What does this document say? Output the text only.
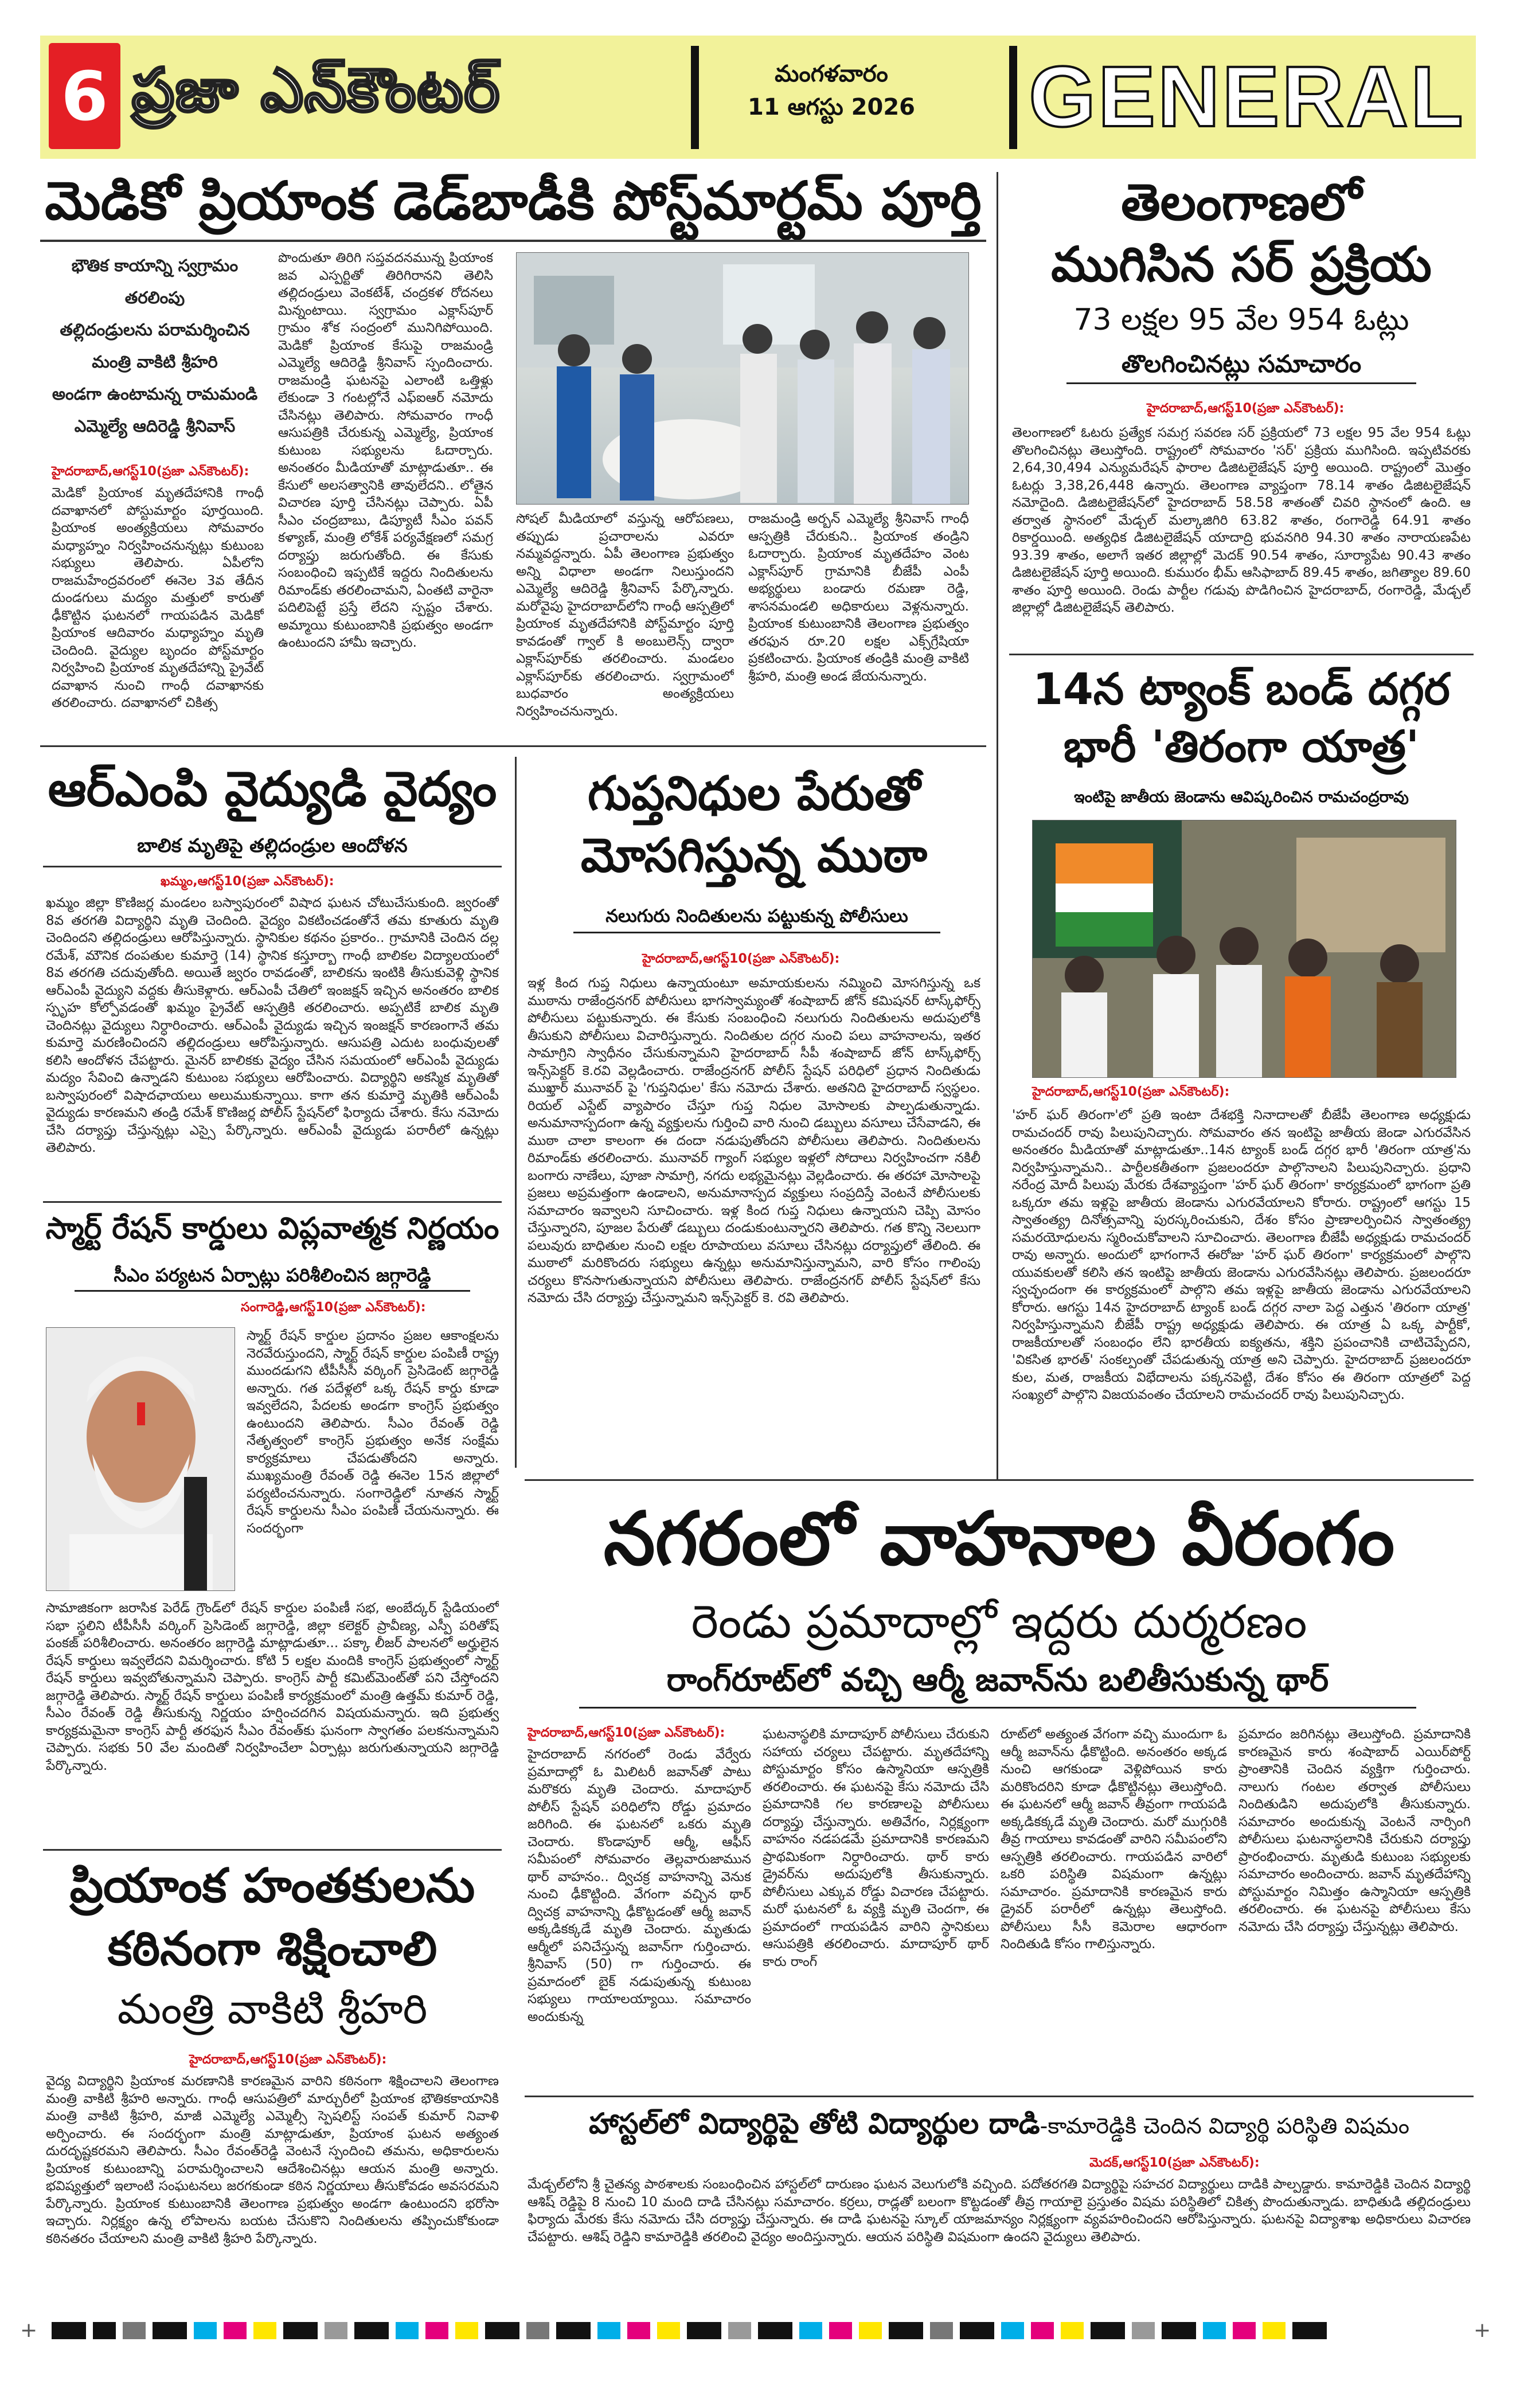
6 ప్రజా ఎన్‌కౌంటర్	మంగళవారం
11 ఆగస్టు 2026 GENERAL
మెడికో ప్రియాంక డెడ్‌బాడీకి పోస్ట్‌మార్టమ్ పూర్తి
భౌతిక కాయాన్ని స్వగ్రామం తరలింపు
తల్లిదండ్రులను పరామర్శించిన
మంత్రి వాకిటి శ్రీహరి
అండగా ఉంటామన్న రామమండి
ఎమ్మెల్యే ఆదిరెడ్డి శ్రీనివాస్
హైదరాబాద్,ఆగస్ట్10(ప్రజా ఎన్‌కౌంటర్):
మెడికో ప్రియాంక మృతదేహానికి గాంధీ దవాఖానలో పోస్టుమార్టం పూర్తయింది. ప్రియాంక అంత్యక్రియలు సోమవారం మధ్యాహ్నం నిర్వహించనున్నట్లు కుటుంబ సభ్యులు తెలిపారు. ఏపీలోని రాజమహేంద్రవరంలో ఈనెల 3వ తేదీన దుండగులు మద్యం మత్తులో కారుతో ఢీకొట్టిన ఘటనలో గాయపడిన మెడికో ప్రియాంక ఆదివారం మధ్యాహ్నం మృతి చెందింది. వైద్యుల బృందం పోస్ట్‌మార్టం నిర్వహించి ప్రియాంక మృతదేహాన్ని ప్రైవేట్ దవాఖాన నుంచి గాంధీ దవాఖానకు తరలించారు. దవాఖానలో చికిత్స
పొందుతూ తిరిగి సప్తవదనమున్న ప్రియాంక జవ ఎస్పర్టితో తిరిగిరానని తెలిసి తల్లిదండ్రులు వెంకటేశ్, చంద్రకళ రోదనలు మిన్నంటాయి. స్వగ్రామం ఎక్లాస్‌పూర్ గ్రామం శోక సంద్రంలో మునిగిపోయింది. మెడికో ప్రియాంక కేసుపై రాజమండ్రి ఎమ్మెల్యే ఆదిరెడ్డి శ్రీనివాస్ స్పందించారు. రాజమండ్రి ఘటనపై ఎలాంటి ఒత్తిళ్లు లేకుండా 3 గంటల్లోనే ఎఫ్ఐఆర్ నమోదు చేసినట్లు తెలిపారు. సోమవారం గాంధీ ఆసుపత్రికి చేరుకున్న ఎమ్మెల్యే, ప్రియాంక కుటుంబ సభ్యులను ఓదార్చారు. అనంతరం మీడియాతో మాట్లాడుతూ.. ఈ కేసులో అలసత్వానికి తావులేదని.. లోతైన విచారణ పూర్తి చేసినట్లు చెప్పారు. ఏపీ సీఎం చంద్రబాబు, డిప్యూటీ సీఎం పవన్ కళ్యాణ్, మంత్రి లోకేశ్ పర్యవేక్షణలో సమగ్ర దర్యాప్తు జరుగుతోంది. ఈ కేసుకు సంబంధించి ఇప్పటికే ఇద్దరు నిందితులను రిమాండ్‌కు తరలించామని, ఏంతటి వారైనా పదిలిపెట్టే ప్రస్తే లేదని స్పష్టం చేశారు. అమ్మాయి కుటుంబానికి ప్రభుత్వం అండగా ఉంటుందని హామీ ఇచ్చారు.
సోషల్ మీడియాలో వస్తున్న ఆరోపణలు, తప్పుడు ప్రచారాలను ఎవరూ నమ్మవద్దన్నారు. ఏపీ తెలంగాణ ప్రభుత్వం అన్ని విధాలా అండగా నిలుస్తుందని ఎమ్మెల్యే ఆదిరెడ్డి శ్రీనివాస్ పేర్కొన్నారు. మరోవైపు హైదరాబాద్‌లోని గాంధీ ఆస్పత్రిలో ప్రియాంక మృతదేహానికి పోస్ట్‌మార్టం పూర్తి కావడంతో గ్వాల్ కి అంబులెన్స్ ద్వారా ఎక్లాస్‌పూర్‌కు తరలించారు. మండలం ఎక్లాస్‌పూర్‌కు తరలించారు. స్వగ్రామంలో బుధవారం అంత్యక్రియలు నిర్వహించనున్నారు.
రాజమండ్రి అర్బన్ ఎమ్మెల్యే శ్రీనివాస్ గాంధీ ఆస్పత్రికి చేరుకుని.. ప్రియాంక తండ్రిని ఓదార్చారు. ప్రియాంక మృతదేహం వెంట ఎక్లాస్‌పూర్ గ్రామానికి బీజేపీ ఎంపీ అభ్యర్థులు బండారు రమణా రెడ్డి, శాసనమండలి అధికారులు వెళ్లనున్నారు. ప్రియాంక కుటుంబానికి తెలంగాణ ప్రభుత్వం తరఫున రూ.20 లక్షల ఎక్స్‌గ్రేషియా ప్రకటించారు. ప్రియాంక తండ్రికి మంత్రి వాకిటి శ్రీహరి, మంత్రి అండ జేయనున్నారు.
తెలంగాణలో
ముగిసిన సర్ ప్రక్రియ
73 లక్షల 95 వేల 954 ఓట్లు
తొలగించినట్లు సమాచారం
హైదరాబాద్,ఆగస్ట్10(ప్రజా ఎన్‌కౌంటర్):
తెలంగాణలో ఓటరు ప్రత్యేక సమగ్ర సవరణ సర్ ప్రక్రియలో 73 లక్షల 95 వేల 954 ఓట్లు తొలగించినట్లు తెలుస్తోంది. రాష్ట్రంలో సోమవారం 'సర్' ప్రక్రియ ముగిసింది. ఇప్పటివరకు 2,64,30,494 ఎన్యుమరేషన్ ఫారాల డిజిటలైజేషన్ పూర్తి అయింది. రాష్ట్రంలో మొత్తం ఓటర్లు 3,38,26,448 ఉన్నారు. తెలంగాణ వ్యాప్తంగా 78.14 శాతం డిజిటలైజేషన్ నమోదైంది. డిజిటలైజేషన్‌లో హైదరాబాద్ 58.58 శాతంతో చివరి స్థానంలో ఉంది. ఆ తర్వాత స్థానంలో మేడ్చల్ మల్కాజిగిరి 63.82 శాతం, రంగారెడ్డి 64.91 శాతం రికార్డయింది. అత్యధిక డిజిటలైజేషన్ యాదాద్రి భువనగిరి 94.30 శాతం నారాయణపేట 93.39 శాతం, అలాగే ఇతర జిల్లాల్లో మెదక్ 90.54 శాతం, సూర్యాపేట 90.43 శాతం డిజిటలైజేషన్ పూర్తి అయింది. కుమురం భీమ్ ఆసిఫాబాద్ 89.45 శాతం, జగిత్యాల 89.60 శాతం పూర్తి అయింది. రెండు పార్టీల గడువు పొడిగించిన హైదరాబాద్, రంగారెడ్డి, మేడ్చల్ జిల్లాల్లో డిజిటలైజేషన్ తెలిపారు.
14న ట్యాంక్ బండ్ దగ్గర
భారీ 'తిరంగా యాత్ర'
ఇంటిపై జాతీయ జెండాను ఆవిష్కరించిన రామచంద్రరావు
హైదరాబాద్,ఆగస్ట్10(ప్రజా ఎన్‌కౌంటర్):
'హర్ ఘర్ తిరంగా'లో ప్రతి ఇంటా దేశభక్తి నినాదాలతో బీజేపీ తెలంగాణ అధ్యక్షుడు రామచందర్ రావు పిలుపునిచ్చారు. సోమవారం తన ఇంటిపై జాతీయ జెండా ఎగురవేసిన అనంతరం మీడియాతో మాట్లాడుతూ..14న ట్యాంక్ బండ్ దగ్గర భారీ 'తిరంగా యాత్ర'ను నిర్వహిస్తున్నామని.. పార్టీలకతీతంగా ప్రజలందరూ పాల్గొనాలని పిలుపునిచ్చారు. ప్రధాని నరేంద్ర మోదీ పిలుపు మేరకు దేశవ్యాప్తంగా 'హర్ ఘర్ తిరంగా' కార్యక్రమంలో భాగంగా ప్రతి ఒక్కరూ తమ ఇళ్లపై జాతీయ జెండాను ఎగురవేయాలని కోరారు. రాష్ట్రంలో ఆగస్టు 15 స్వాతంత్య్ర దినోత్సవాన్ని పురస్కరించుకుని, దేశం కోసం ప్రాణాలర్పించిన స్వాతంత్య్ర సమరయోధులను స్మరించుకోవాలని సూచించారు. తెలంగాణ బీజేపీ అధ్యక్షుడు రామచందర్ రావు అన్నారు. అందులో భాగంగానే ఈరోజు 'హర్ ఘర్ తిరంగా' కార్యక్రమంలో పాల్గొని యువకులతో కలిసి తన ఇంటిపై జాతీయ జెండాను ఎగురవేసినట్లు తెలిపారు. ప్రజలందరూ స్వచ్ఛందంగా ఈ కార్యక్రమంలో పాల్గొని తమ ఇళ్లపై జాతీయ జెండాను ఎగురవేయాలని కోరారు. ఆగస్టు 14న హైదరాబాద్ ట్యాంక్ బండ్ దగ్గర నాలా పెద్ద ఎత్తున 'తిరంగా యాత్ర' నిర్వహిస్తున్నామని బీజేపీ రాష్ట్ర అధ్యక్షుడు తెలిపారు. ఈ యాత్ర ఏ ఒక్క పార్టీకో, రాజకీయాలతో సంబంధం లేని భారతీయ ఐక్యతను, శక్తిని ప్రపంచానికి చాటిచెప్పేదని, 'వికసిత భారత్' సంకల్పంతో చేపడుతున్న యాత్ర అని చెప్పారు. హైదరాబాద్ ప్రజలందరూ కుల, మత, రాజకీయ విభేదాలను పక్కనపెట్టి, దేశం కోసం ఈ తిరంగా యాత్రలో పెద్ద సంఖ్యలో పాల్గొని విజయవంతం చేయాలని రామచందర్ రావు పిలుపునిచ్చారు.
ఆర్‌ఎంపి వైద్యుడి వైద్యం
బాలిక మృతిపై తల్లిదండ్రుల ఆందోళన
ఖమ్మం,ఆగస్ట్10(ప్రజా ఎన్‌కౌంటర్):
ఖమ్మం జిల్లా కొణిజర్ల మండలం బస్వాపురంలో విషాద ఘటన చోటుచేసుకుంది. జ్వరంతో 8వ తరగతి విద్యార్థిని మృతి చెందింది. వైద్యం వికటించడంతోనే తమ కూతురు మృతి చెందిందని తల్లిదండ్రులు ఆరోపిస్తున్నారు. స్థానికుల కథనం ప్రకారం.. గ్రామానికి చెందిన దల్ల రమేశ్, మౌనిక దంపతుల కుమార్తె (14) స్థానిక కస్తూర్బా గాంధీ బాలికల విద్యాలయంలో 8వ తరగతి చదువుతోంది. అయితే జ్వరం రావడంతో, బాలికను ఇంటికి తీసుకువెళ్లి స్థానిక ఆర్‌ఎంపీ వైద్యుని వద్దకు తీసుకెళ్లారు. ఆర్‌ఎంపీ చేతిలో ఇంజక్షన్ ఇచ్చిన అనంతరం బాలిక స్పృహ కోల్పోవడంతో ఖమ్మం ప్రైవేట్ ఆస్పత్రికి తరలించారు. అప్పటికే బాలిక మృతి చెందినట్లు వైద్యులు నిర్ధారించారు. ఆర్‌ఎంపీ వైద్యుడు ఇచ్చిన ఇంజక్షన్ కారణంగానే తమ కుమార్తె మరణించిందని తల్లిదండ్రులు ఆరోపిస్తున్నారు. ఆసుపత్రి ఎదుట బంధువులతో కలిసి ఆందోళన చేపట్టారు. మైనర్ బాలికకు వైద్యం చేసిన సమయంలో ఆర్‌ఎంపీ వైద్యుడు మద్యం సేవించి ఉన్నాడని కుటుంబ సభ్యులు ఆరోపించారు. విద్యార్థిని అకస్మిక మృతితో బస్వాపురంలో విషాదఛాయలు అలుముకున్నాయి. కాగా తన కుమార్తె మృతికి ఆర్‌ఎంపీ వైద్యుడు కారణమని తండ్రి రమేశ్ కొణిజర్ల పోలీస్ స్టేషన్‌లో ఫిర్యాదు చేశారు. కేసు నమోదు చేసి దర్యాప్తు చేస్తున్నట్లు ఎస్సై పేర్కొన్నారు. ఆర్‌ఎంపీ వైద్యుడు పరారీలో ఉన్నట్లు తెలిపారు.
గుప్తనిధుల పేరుతో
మోసగిస్తున్న ముఠా
నలుగురు నిందితులను పట్టుకున్న పోలీసులు
హైదరాబాద్,ఆగస్ట్10(ప్రజా ఎన్‌కౌంటర్):
ఇళ్ల కింద గుప్త నిధులు ఉన్నాయంటూ అమాయకులను నమ్మించి మోసగిస్తున్న ఒక ముఠాను రాజేంద్రనగర్ పోలీసులు భాగస్వామ్యంతో శంషాబాద్ జోన్ కమిషనర్ టాస్క్‌ఫోర్స్ పోలీసులు పట్టుకున్నారు. ఈ కేసుకు సంబంధించి నలుగురు నిందితులను అదుపులోకి తీసుకుని పోలీసులు విచారిస్తున్నారు. నిందితుల దగ్గర నుంచి పలు వాహనాలను, ఇతర సామాగ్రిని స్వాధీనం చేసుకున్నామని హైదరాబాద్ సీపీ శంషాబాద్ జోన్ టాస్క్‌ఫోర్స్ ఇన్స్‌పెక్టర్ కె.రవి వెల్లడించారు. రాజేంద్రనగర్ పోలీస్ స్టేషన్ పరిధిలో ప్రధాన నిందితుడు ముఖ్తార్ మునావర్ పై 'గుప్తనిధుల' కేసు నమోదు చేశారు. అతనిది హైదరాబాద్ స్వస్థలం. రియల్ ఎస్టేట్ వ్యాపారం చేస్తూ గుప్త నిధుల మోసాలకు పాల్పడుతున్నాడు. అనుమానాస్పదంగా ఉన్న వ్యక్తులను గుర్తించి వారి నుంచి డబ్బులు వసూలు చేసేవాడని, ఈ ముఠా చాలా కాలంగా ఈ దందా నడుపుతోందని పోలీసులు తెలిపారు. నిందితులను రిమాండ్‌కు తరలించారు. మునావర్ గ్యాంగ్ సభ్యుల ఇళ్లలో సోదాలు నిర్వహించగా నకిలీ బంగారు నాణేలు, పూజా సామాగ్రి, నగదు లభ్యమైనట్లు వెల్లడించారు. ఈ తరహా మోసాలపై ప్రజలు అప్రమత్తంగా ఉండాలని, అనుమానాస్పద వ్యక్తులు సంప్రదిస్తే వెంటనే పోలీసులకు సమాచారం ఇవ్వాలని సూచించారు. ఇళ్ల కింద గుప్త నిధులు ఉన్నాయని చెప్పి మోసం చేస్తున్నారని, పూజల పేరుతో డబ్బులు దండుకుంటున్నారని తెలిపారు. గత కొన్ని నెలలుగా పలువురు బాధితుల నుంచి లక్షల రూపాయలు వసూలు చేసినట్లు దర్యాప్తులో తేలింది. ఈ ముఠాలో మరికొందరు సభ్యులు ఉన్నట్లు అనుమానిస్తున్నామని, వారి కోసం గాలింపు చర్యలు కొనసాగుతున్నాయని పోలీసులు తెలిపారు. రాజేంద్రనగర్ పోలీస్ స్టేషన్‌లో కేసు నమోదు చేసి దర్యాప్తు చేస్తున్నామని ఇన్స్‌పెక్టర్ కె. రవి తెలిపారు.
స్మార్ట్ రేషన్ కార్డులు విప్లవాత్మక నిర్ణయం
సీఎం పర్యటన ఏర్పాట్లు పరిశీలించిన జగ్గారెడ్డి
సంగారెడ్డి,ఆగస్ట్10(ప్రజా ఎన్‌కౌంటర్):
స్మార్ట్ రేషన్ కార్డుల ప్రదానం ప్రజల ఆకాంక్షలను నెరవేరుస్తుందని, స్మార్ట్ రేషన్ కార్డుల పంపిణీ రాష్ట్ర ముందడుగని టీపీసీసీ వర్కింగ్ ప్రెసిడెంట్ జగ్గారెడ్డి అన్నారు. గత పదేళ్లలో ఒక్క రేషన్ కార్డు కూడా ఇవ్వలేదని, పేదలకు అండగా కాంగ్రెస్ ప్రభుత్వం ఉంటుందని తెలిపారు. సీఎం రేవంత్ రెడ్డి నేతృత్వంలో కాంగ్రెస్ ప్రభుత్వం అనేక సంక్షేమ కార్యక్రమాలు చేపడుతోందని అన్నారు. ముఖ్యమంత్రి రేవంత్ రెడ్డి ఈనెల 15న జిల్లాలో పర్యటించనున్నారు. సంగారెడ్డిలో నూతన స్మార్ట్ రేషన్ కార్డులను సీఎం పంపిణీ చేయనున్నారు. ఈ సందర్భంగా
సామాజికంగా జరాసిక పెరేడ్ గ్రౌండ్‌లో రేషన్ కార్డుల పంపిణీ సభ, అంబేద్కర్ స్టేడియంలో సభా స్థలిని టీపీసీసీ వర్కింగ్ ప్రెసిడెంట్ జగ్గారెడ్డి, జిల్లా కలెక్టర్ ప్రావీణ్య, ఎస్పీ పరితోష్ పంకజ్ పరిశీలించారు. అనంతరం జగ్గారెడ్డి మాట్లాడుతూ... పక్కా లీజర్ పాలనలో అర్హులైన రేషన్ కార్డులు ఇవ్వలేదని విమర్శించారు. కోటి 5 లక్షల మందికి కాంగ్రెస్ ప్రభుత్వంలో స్మార్ట్ రేషన్ కార్డులు ఇవ్వబోతున్నామని చెప్పారు. కాంగ్రెస్ పార్టీ కమిట్‌మెంట్‌తో పని చేస్తోందని జగ్గారెడ్డి తెలిపారు. స్మార్ట్ రేషన్ కార్డులు పంపిణీ కార్యక్రమంలో మంత్రి ఉత్తమ్ కుమార్ రెడ్డి, సీఎం రేవంత్ రెడ్డి తీసుకున్న నిర్ణయం హర్షించదగిన విషయమన్నారు. ఇది ప్రభుత్వ కార్యక్రమమైనా కాంగ్రెస్ పార్టీ తరఫున సీఎం రేవంత్‌కు ఘనంగా స్వాగతం పలకనున్నామని చెప్పారు. సభకు 50 వేల మందితో నిర్వహించేలా ఏర్పాట్లు జరుగుతున్నాయని జగ్గారెడ్డి పేర్కొన్నారు.
ప్రియాంక హంతకులను
కఠినంగా శిక్షించాలి
మంత్రి వాకిటి శ్రీహరి
హైదరాబాద్,ఆగస్ట్10(ప్రజా ఎన్‌కౌంటర్):
వైద్య విద్యార్థిని ప్రియాంక మరణానికి కారణమైన వారిని కఠినంగా శిక్షించాలని తెలంగాణ మంత్రి వాకిటి శ్రీహరి అన్నారు. గాంధీ ఆసుపత్రిలో మార్చురీలో ప్రియాంక భౌతికకాయానికి మంత్రి వాకిటి శ్రీహరి, మాజీ ఎమ్మెల్యే ఎమ్మెల్సీ స్పెషలిస్ట్ సంపత్ కుమార్ నివాళి అర్పించారు. ఈ సందర్భంగా మంత్రి మాట్లాడుతూ, ప్రియాంక ఘటన అత్యంత దురదృష్టకరమని తెలిపారు. సీఎం రేవంత్‌రెడ్డి వెంటనే స్పందించి తమను, అధికారులను ప్రియాంక కుటుంబాన్ని పరామర్శించాలని ఆదేశించినట్లు ఆయన మంత్రి అన్నారు. భవిష్యత్తులో ఇలాంటి సంఘటనలు జరగకుండా కఠిన నిర్ణయాలు తీసుకోవడం అవసరమని పేర్కొన్నారు. ప్రియాంక కుటుంబానికి తెలంగాణ ప్రభుత్వం అండగా ఉంటుందని భరోసా ఇచ్చారు. నిర్లక్ష్యం ఉన్న లోపాలను బయట చేసుకొని నిందితులను తప్పించుకోకుండా కఠినతరం చేయాలని మంత్రి వాకిటి శ్రీహరి పేర్కొన్నారు.
నగరంలో వాహనాల వీరంగం
రెండు ప్రమాదాల్లో ఇద్దరు దుర్మరణం
రాంగ్‌రూట్‌లో వచ్చి ఆర్మీ జవాన్‌ను బలితీసుకున్న థార్
హైదరాబాద్,ఆగస్ట్10(ప్రజా ఎన్‌కౌంటర్):
హైదరాబాద్ నగరంలో రెండు వేర్వేరు ప్రమాదాల్లో ఓ మిలిటరీ జవాన్‌తో పాటు మరొకరు మృతి చెందారు. మాదాపూర్ పోలీస్ స్టేషన్ పరిధిలోని రోడ్డు ప్రమాదం జరిగింది. ఈ ఘటనలో ఒకరు మృతి చెందారు. కొండాపూర్ ఆర్మీ, ఆఫీస్ సమీపంలో సోమవారం తెల్లవారుజామున థార్ వాహనం.. ద్విచక్ర వాహనాన్ని వెనుక నుంచి ఢీకొట్టింది. వేగంగా వచ్చిన థార్ ద్విచక్ర వాహనాన్ని ఢీకొట్టడంతో ఆర్మీ జవాన్ అక్కడికక్కడే మృతి చెందారు. మృతుడు ఆర్మీలో పనిచేస్తున్న జవాన్‌గా గుర్తించారు. శ్రీనివాస్ (50) గా గుర్తించారు. ఈ ప్రమాదంలో బైక్ నడుపుతున్న కుటుంబ సభ్యులు గాయాలయ్యాయి. సమాచారం అందుకున్న
ఘటనాస్థలికి మాదాపూర్ పోలీసులు చేరుకుని సహాయ చర్యలు చేపట్టారు. మృతదేహాన్ని పోస్టుమార్టం కోసం ఉస్మానియా ఆస్పత్రికి తరలించారు. ఈ ఘటనపై కేసు నమోదు చేసి ప్రమాదానికి గల కారణాలపై పోలీసులు దర్యాప్తు చేస్తున్నారు. అతివేగం, నిర్లక్ష్యంగా వాహనం నడపడమే ప్రమాదానికి కారణమని ప్రాథమికంగా నిర్ధారించారు. థార్ కారు డ్రైవర్‌ను అదుపులోకి తీసుకున్నారు. పోలీసులు ఎక్కువ రోడ్డు విచారణ చేపట్టారు. మరో ఘటనలో ఓ వ్యక్తి మృతి చెందగా, ఈ ప్రమాదంలో గాయపడిన వారిని స్థానికులు ఆసుపత్రికి తరలించారు. మాదాపూర్ థార్ కారు రాంగ్
రూట్‌లో అత్యంత వేగంగా వచ్చి ముందుగా ఓ ఆర్మీ జవాన్‌ను ఢీకొట్టింది. అనంతరం అక్కడ నుంచి ఆగకుండా వెళ్లిపోయిన కారు మరికొందరిని కూడా ఢీకొట్టినట్లు తెలుస్తోంది. ఈ ఘటనలో ఆర్మీ జవాన్ తీవ్రంగా గాయపడి అక్కడికక్కడే మృతి చెందారు. మరో ముగ్గురికి తీవ్ర గాయాలు కావడంతో వారిని సమీపంలోని ఆస్పత్రికి తరలించారు. గాయపడిన వారిలో ఒకరి పరిస్థితి విషమంగా ఉన్నట్లు సమాచారం. ప్రమాదానికి కారణమైన కారు డ్రైవర్ పరారీలో ఉన్నట్లు తెలుస్తోంది. పోలీసులు సీసీ కెమెరాల ఆధారంగా నిందితుడి కోసం గాలిస్తున్నారు.
ప్రమాదం జరిగినట్లు తెలుస్తోంది. ప్రమాదానికి కారణమైన కారు శంషాబాద్ ఎయిర్‌పోర్ట్ ప్రాంతానికి చెందిన వ్యక్తిగా గుర్తించారు. నాలుగు గంటల తర్వాత పోలీసులు నిందితుడిని అదుపులోకి తీసుకున్నారు. సమాచారం అందుకున్న వెంటనే నార్సింగి పోలీసులు ఘటనాస్థలానికి చేరుకుని దర్యాప్తు ప్రారంభించారు. మృతుడి కుటుంబ సభ్యులకు సమాచారం అందించారు. జవాన్ మృతదేహాన్ని పోస్టుమార్టం నిమిత్తం ఉస్మానియా ఆస్పత్రికి తరలించారు. ఈ ఘటనపై పోలీసులు కేసు నమోదు చేసి దర్యాప్తు చేస్తున్నట్లు తెలిపారు.
హాస్టల్‌లో విద్యార్థిపై తోటి విద్యార్థుల దాడి-కామారెడ్డికి చెందిన విద్యార్థి పరిస్థితి విషమం
మెదక్,ఆగస్ట్10(ప్రజా ఎన్‌కౌంటర్):
మేడ్చల్‌లోని శ్రీ చైతన్య పాఠశాలకు సంబంధించిన హాస్టల్‌లో దారుణం ఘటన వెలుగులోకి వచ్చింది. పదోతరగతి విద్యార్థిపై సహచర విద్యార్థులు దాడికి పాల్పడ్డారు. కామారెడ్డికి చెందిన విద్యార్థి ఆశిష్ రెడ్డిపై 8 నుంచి 10 మంది దాడి చేసినట్లు సమాచారం. కర్రలు, రాడ్లతో బలంగా కొట్టడంతో తీవ్ర గాయాలై ప్రస్తుతం విషమ పరిస్థితిలో చికిత్స పొందుతున్నాడు. బాధితుడి తల్లిదండ్రులు ఫిర్యాదు మేరకు కేసు నమోదు చేసి దర్యాప్తు చేస్తున్నారు. ఈ దాడి ఘటనపై స్కూల్ యాజమాన్యం నిర్లక్ష్యంగా వ్యవహరించిందని ఆరోపిస్తున్నారు. ఘటనపై విద్యాశాఖ అధికారులు విచారణ చేపట్టారు. ఆశిష్ రెడ్డిని కామారెడ్డికి తరలించి వైద్యం అందిస్తున్నారు. ఆయన పరిస్థితి విషమంగా ఉందని వైద్యులు తెలిపారు.
+	+
